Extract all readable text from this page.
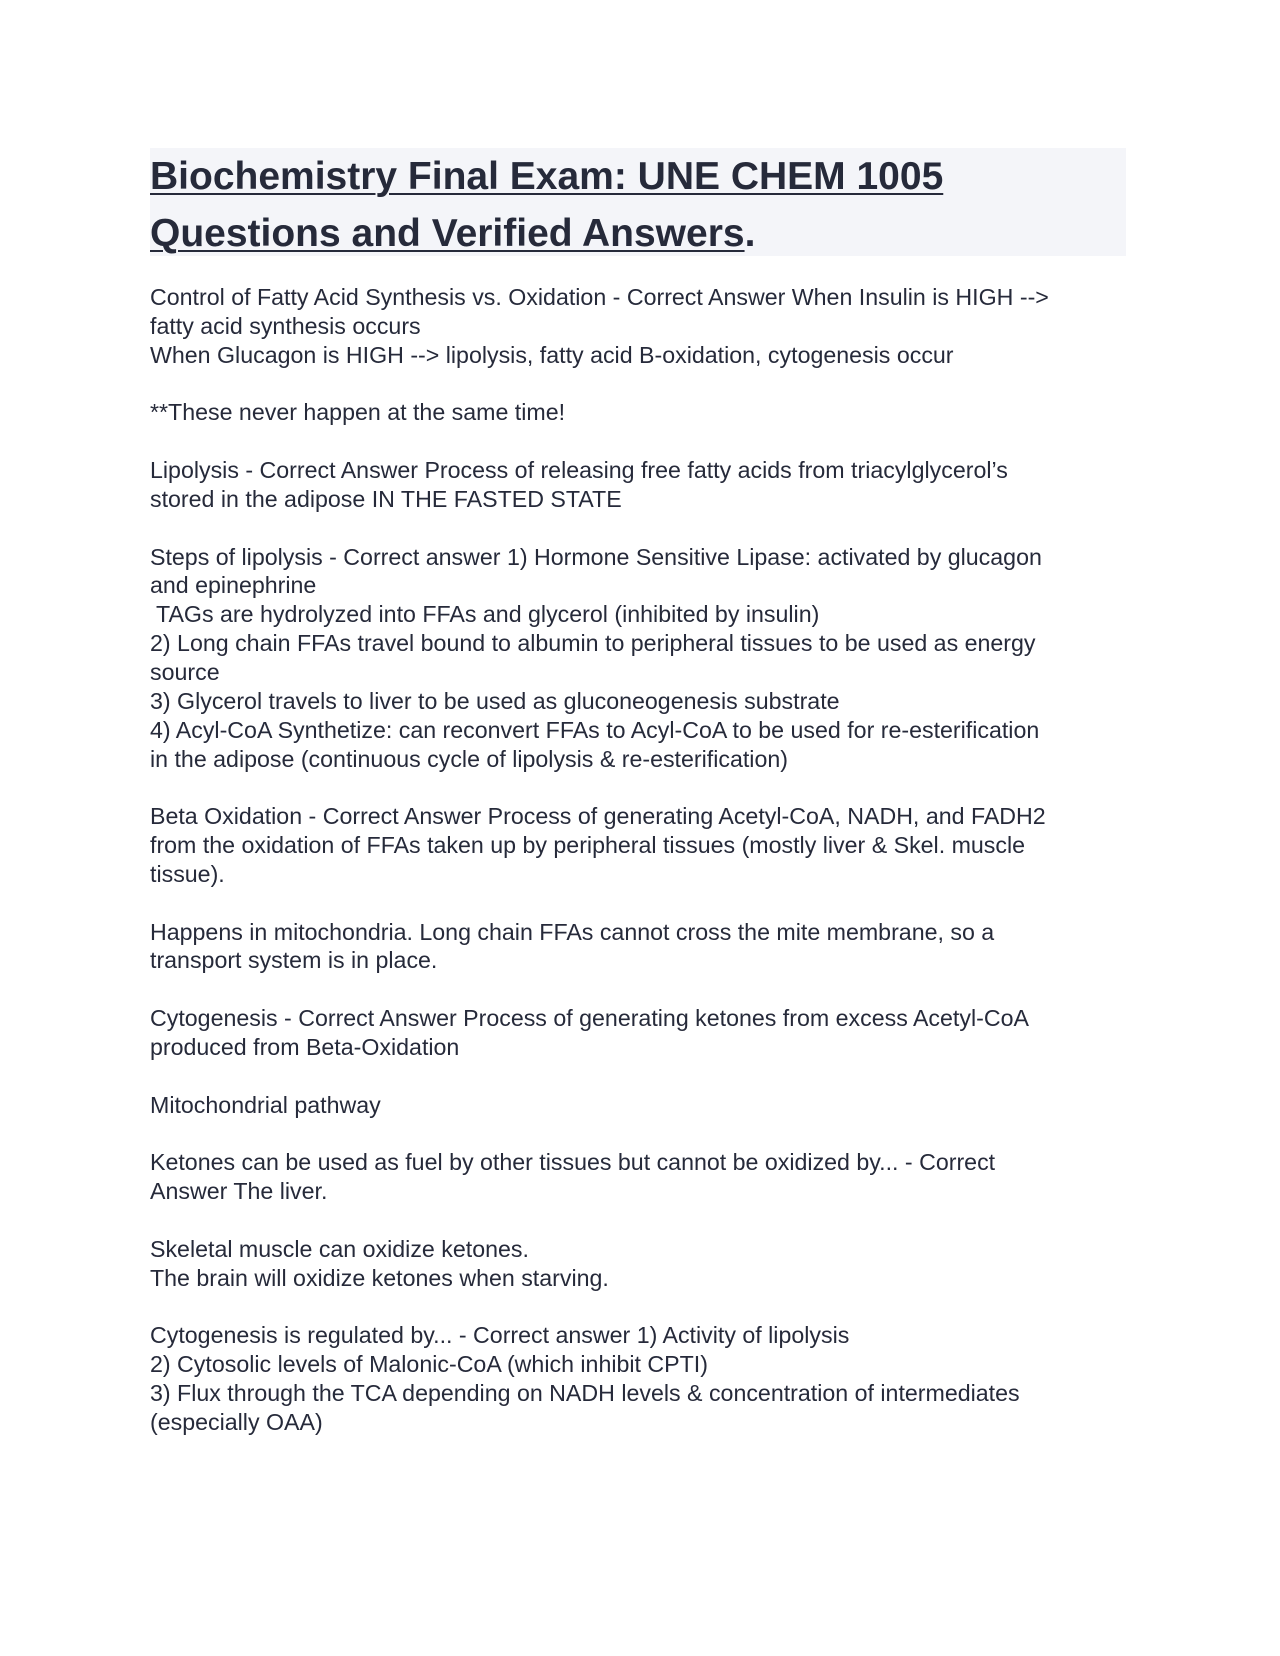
Biochemistry Final Exam: UNE CHEM 1005
Questions and Verified Answers.
Control of Fatty Acid Synthesis vs. Oxidation - Correct Answer When Insulin is HIGH -->
fatty acid synthesis occurs
When Glucagon is HIGH --> lipolysis, fatty acid B-oxidation, cytogenesis occur
**These never happen at the same time!
Lipolysis - Correct Answer Process of releasing free fatty acids from triacylglycerol’s
stored in the adipose IN THE FASTED STATE
Steps of lipolysis - Correct answer 1) Hormone Sensitive Lipase: activated by glucagon
and epinephrine
TAGs are hydrolyzed into FFAs and glycerol (inhibited by insulin)
2) Long chain FFAs travel bound to albumin to peripheral tissues to be used as energy
source
3) Glycerol travels to liver to be used as gluconeogenesis substrate
4) Acyl-CoA Synthetize: can reconvert FFAs to Acyl-CoA to be used for re-esterification
in the adipose (continuous cycle of lipolysis & re-esterification)
Beta Oxidation - Correct Answer Process of generating Acetyl-CoA, NADH, and FADH2
from the oxidation of FFAs taken up by peripheral tissues (mostly liver & Skel. muscle
tissue).
Happens in mitochondria. Long chain FFAs cannot cross the mite membrane, so a
transport system is in place.
Cytogenesis - Correct Answer Process of generating ketones from excess Acetyl-CoA
produced from Beta-Oxidation
Mitochondrial pathway
Ketones can be used as fuel by other tissues but cannot be oxidized by... - Correct
Answer The liver.
Skeletal muscle can oxidize ketones.
The brain will oxidize ketones when starving.
Cytogenesis is regulated by... - Correct answer 1) Activity of lipolysis
2) Cytosolic levels of Malonic-CoA (which inhibit CPTI)
3) Flux through the TCA depending on NADH levels & concentration of intermediates
(especially OAA)
